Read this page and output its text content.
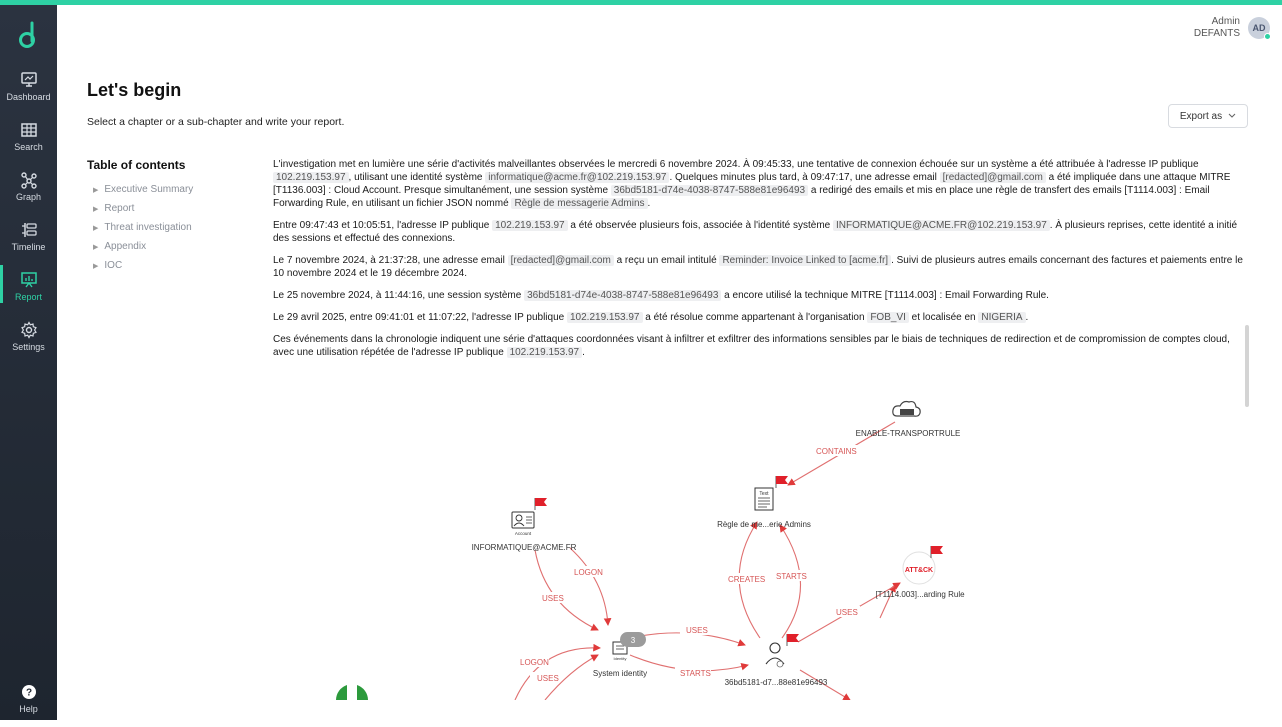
Dashboard
Search
Graph
Timeline
Report
Settings
?
Help
Admin
DEFANTS AD
Let's begin
Select a chapter or a sub-chapter and write your report.	Export as
Table of contents
▶ Executive Summary
▶ Report
▶ Threat investigation
▶ Appendix
▶ IOC

L'investigation met en lumière une série d'activités malveillantes observées le mercredi 6 novembre 2024. À 09:45:33, une tentative de connexion échouée sur un système a été attribuée à l'adresse IP publique 102.219.153.97 , utilisant une identité système informatique@acme.fr@102.219.153.97 . Quelques minutes plus tard, à 09:47:17, une adresse email [redacted]@gmail.com a été impliquée dans une attaque MITRE [T1136.003] : Cloud Account. Presque simultanément, une session système 36bd5181-d74e-4038-8747-588e81e96493 a redirigé des emails et mis en place une règle de transfert des emails [T1114.003] : Email Forwarding Rule, en utilisant un fichier JSON nommé Règle de messagerie Admins .

Entre 09:47:43 et 10:05:51, l'adresse IP publique 102.219.153.97 a été observée plusieurs fois, associée à l'identité système INFORMATIQUE@ACME.FR@102.219.153.97 . À plusieurs reprises, cette identité a initié des sessions et effectué des connexions.

Le 7 novembre 2024, à 21:37:28, une adresse email [redacted]@gmail.com a reçu un email intitulé Reminder: Invoice Linked to [acme.fr] . Suivi de plusieurs autres emails concernant des factures et paiements entre le 10 novembre 2024 et le 19 décembre 2024.

Le 25 novembre 2024, à 11:44:16, une session système 36bd5181-d74e-4038-8747-588e81e96493 a encore utilisé la technique MITRE [T1114.003] : Email Forwarding Rule.

Le 29 avril 2025, entre 09:41:01 et 11:07:22, l'adresse IP publique 102.219.153.97 a été résolue comme appartenant à l'organisation FOB_VI et localisée en NIGERIA .

Ces événements dans la chronologie indiquent une série d'attaques coordonnées visant à infiltrer et exfiltrer des informations sensibles par le biais de techniques de redirection et de compromission de comptes cloud, avec une utilisation répétée de l'adresse IP publique 102.219.153.97 .

CONTAINS
LOGON
USES
CREATES STARTS
USES
USES
STARTS
LOGON
USES
ENABLE-TRANSPORTRULE
Text
Règle de me...erie Admins
Account
INFORMATIQUE@ACME.FR
ATT&CK
[T1114.003]...arding Rule
Identity
3
System identity
36bd5181-d7...88e81e96493
